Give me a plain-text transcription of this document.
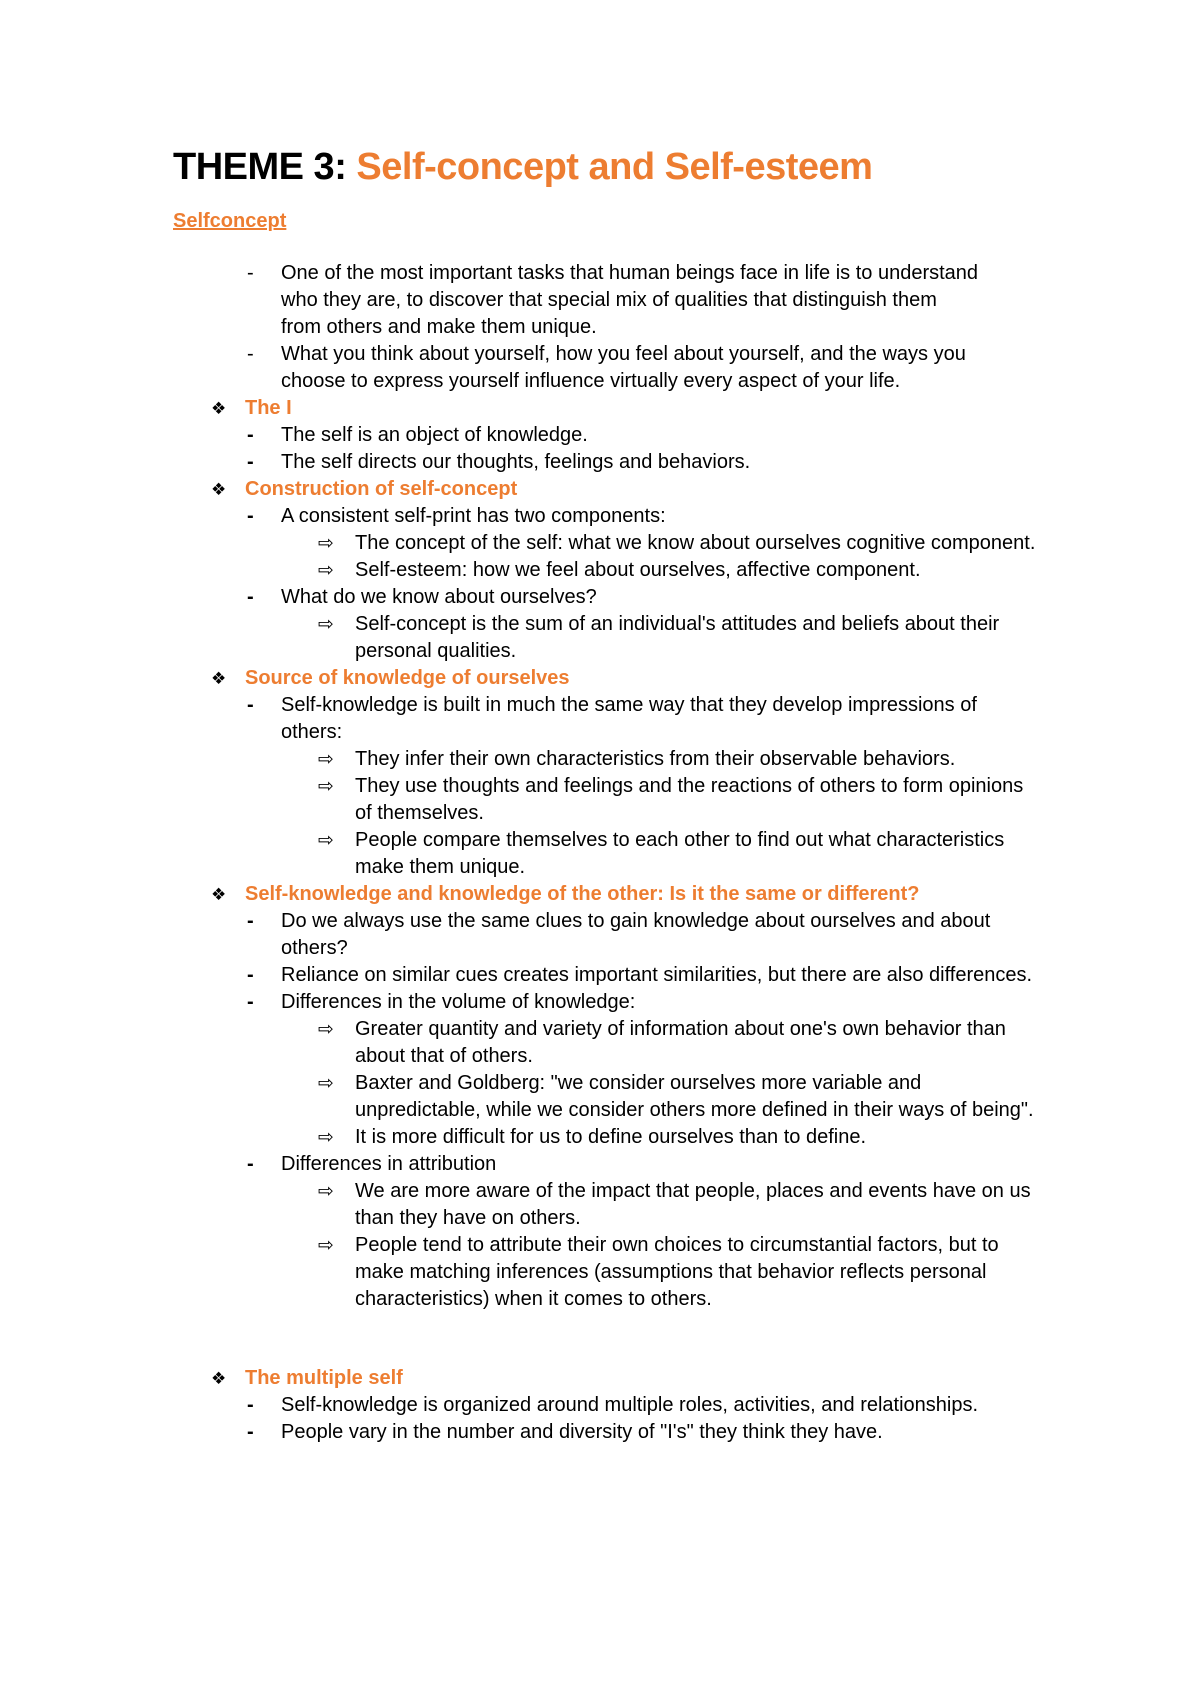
THEME 3: Self-concept and Self-esteem
Selfconcept
- One of the most important tasks that human beings face in life is to understand
who they are, to discover that special mix of qualities that distinguish them
from others and make them unique.
- What you think about yourself, how you feel about yourself, and the ways you
choose to express yourself influence virtually every aspect of your life.
❖ The I
- The self is an object of knowledge.
- The self directs our thoughts, feelings and behaviors.
❖ Construction of self-concept
- A consistent self-print has two components:
⇨ The concept of the self: what we know about ourselves cognitive component.
⇨ Self-esteem: how we feel about ourselves, affective component.
- What do we know about ourselves?
⇨ Self-concept is the sum of an individual's attitudes and beliefs about their
personal qualities.
❖ Source of knowledge of ourselves
- Self-knowledge is built in much the same way that they develop impressions of
others:
⇨ They infer their own characteristics from their observable behaviors.
⇨ They use thoughts and feelings and the reactions of others to form opinions
of themselves.
⇨ People compare themselves to each other to find out what characteristics
make them unique.
❖ Self-knowledge and knowledge of the other: Is it the same or different?
- Do we always use the same clues to gain knowledge about ourselves and about
others?
- Reliance on similar cues creates important similarities, but there are also differences.
- Differences in the volume of knowledge:
⇨ Greater quantity and variety of information about one's own behavior than
about that of others.
⇨ Baxter and Goldberg: "we consider ourselves more variable and
unpredictable, while we consider others more defined in their ways of being".
⇨ It is more difficult for us to define ourselves than to define.
- Differences in attribution
⇨ We are more aware of the impact that people, places and events have on us
than they have on others.
⇨ People tend to attribute their own choices to circumstantial factors, but to
make matching inferences (assumptions that behavior reflects personal
characteristics) when it comes to others.
❖ The multiple self
- Self-knowledge is organized around multiple roles, activities, and relationships.
- People vary in the number and diversity of "I's" they think they have.
